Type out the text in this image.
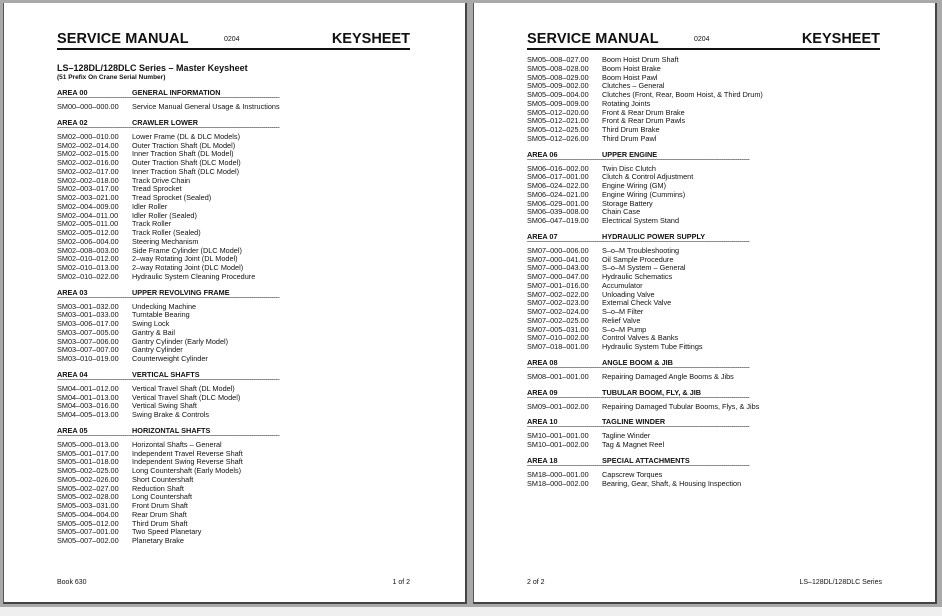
SERVICE MANUAL	0204	KEYSHEET
LS–128DL/128DLC Series – Master Keysheet
(51 Prefix On Crane Serial Number)
AREA 00	GENERAL INFORMATION
****************************************************************************************************************
SM00–000–000.00 Service Manual General Usage & Instructions
AREA 02	CRAWLER LOWER
****************************************************************************************************************
SM02–000–010.00 Lower Frame (DL & DLC Models)
SM02–002–014.00 Outer Traction Shaft (DL Model)
SM02–002–015.00 Inner Traction Shaft (DL Model)
SM02–002–016.00 Outer Traction Shaft (DLC Model)
SM02–002–017.00 Inner Traction Shaft (DLC Model)
SM02–002–018.00 Track Drive Chain
SM02–003–017.00 Tread Sprocket
SM02–003–021.00 Tread Sprocket (Sealed)
SM02–004–009.00 Idler Roller
SM02–004–011.00 Idler Roller (Sealed)
SM02–005–011.00 Track Roller
SM02–005–012.00 Track Roller (Sealed)
SM02–006–004.00 Steering Mechanism
SM02–008–003.00 Side Frame Cylinder (DLC Model)
SM02–010–012.00 2–way Rotating Joint (DL Model)
SM02–010–013.00 2–way Rotating Joint (DLC Model)
SM02–010–022.00 Hydraulic System Cleaning Procedure
AREA 03	UPPER REVOLVING FRAME
****************************************************************************************************************
SM03–001–032.00 Undecking Machine
SM03–001–033.00 Turntable Bearing
SM03–006–017.00 Swing Lock
SM03–007–005.00 Gantry & Bail
SM03–007–006.00 Gantry Cylinder (Early Model)
SM03–007–007.00 Gantry Cylinder
SM03–010–019.00 Counterweight Cylinder
AREA 04	VERTICAL SHAFTS
****************************************************************************************************************
SM04–001–012.00 Vertical Travel Shaft (DL Model)
SM04–001–013.00 Vertical Travel Shaft (DLC Model)
SM04–003–016.00 Vertical Swing Shaft
SM04–005–013.00 Swing Brake & Controls
AREA 05	HORIZONTAL SHAFTS
****************************************************************************************************************
SM05–000–013.00 Horizontal Shafts – General
SM05–001–017.00 Independent Travel Reverse Shaft
SM05–001–018.00 Independent Swing Reverse Shaft
SM05–002–025.00 Long Countershaft (Early Models)
SM05–002–026.00 Short Countershaft
SM05–002–027.00 Reduction Shaft
SM05–002–028.00 Long Countershaft
SM05–003–031.00 Front Drum Shaft
SM05–004–004.00 Rear Drum Shaft
SM05–005–012.00 Third Drum Shaft
SM05–007–001.00 Two Speed Planetary
SM05–007–002.00 Planetary Brake
Book 630	1 of 2
SERVICE MANUAL	0204	KEYSHEET
SM05–008–027.00 Boom Hoist Drum Shaft
SM05–008–028.00 Boom Hoist Brake
SM05–008–029.00 Boom Hoist Pawl
SM05–009–002.00 Clutches – General
SM05–009–004.00 Clutches (Front, Rear, Boom Hoist, & Third Drum)
SM05–009–009.00 Rotating Joints
SM05–012–020.00 Front & Rear Drum Brake
SM05–012–021.00 Front & Rear Drum Pawls
SM05–012–025.00 Third Drum Brake
SM05–012–026.00 Third Drum Pawl
AREA 06	UPPER ENGINE
****************************************************************************************************************
SM06–016–002.00 Twin Disc Clutch
SM06–017–001.00 Clutch & Control Adjustment
SM06–024–022.00 Engine Wiring (GM)
SM06–024–021.00 Engine Wiring (Cummins)
SM06–029–001.00 Storage Battery
SM06–039–008.00 Chain Case
SM06–047–019.00 Electrical System Stand
AREA 07	HYDRAULIC POWER SUPPLY
****************************************************************************************************************
SM07–000–006.00 S–o–M Troubleshooting
SM07–000–041.00 Oil Sample Procedure
SM07–000–043.00 S–o–M System – General
SM07–000–047.00 Hydraulic Schematics
SM07–001–016.00 Accumulator
SM07–002–022.00 Unloading Valve
SM07–002–023.00 External Check Valve
SM07–002–024.00 S–o–M Filter
SM07–002–025.00 Relief Valve
SM07–005–031.00 S–o–M Pump
SM07–010–002.00 Control Valves & Banks
SM07–018–001.00 Hydraulic System Tube Fittings
AREA 08	ANGLE BOOM & JIB
****************************************************************************************************************
SM08–001–001.00 Repairing Damaged Angle Booms & Jibs
AREA 09	TUBULAR BOOM, FLY, & JIB
****************************************************************************************************************
SM09–001–002.00 Repairing Damaged Tubular Booms, Flys, & Jibs
AREA 10	TAGLINE WINDER
****************************************************************************************************************
SM10–001–001.00 Tagline Winder
SM10–001–002.00 Tag & Magnet Reel
AREA 18	SPECIAL ATTACHMENTS
****************************************************************************************************************
SM18–000–001.00 Capscrew Torques
SM18–000–002.00 Bearing, Gear, Shaft, & Housing Inspection
2 of 2	LS–128DL/128DLC Series
